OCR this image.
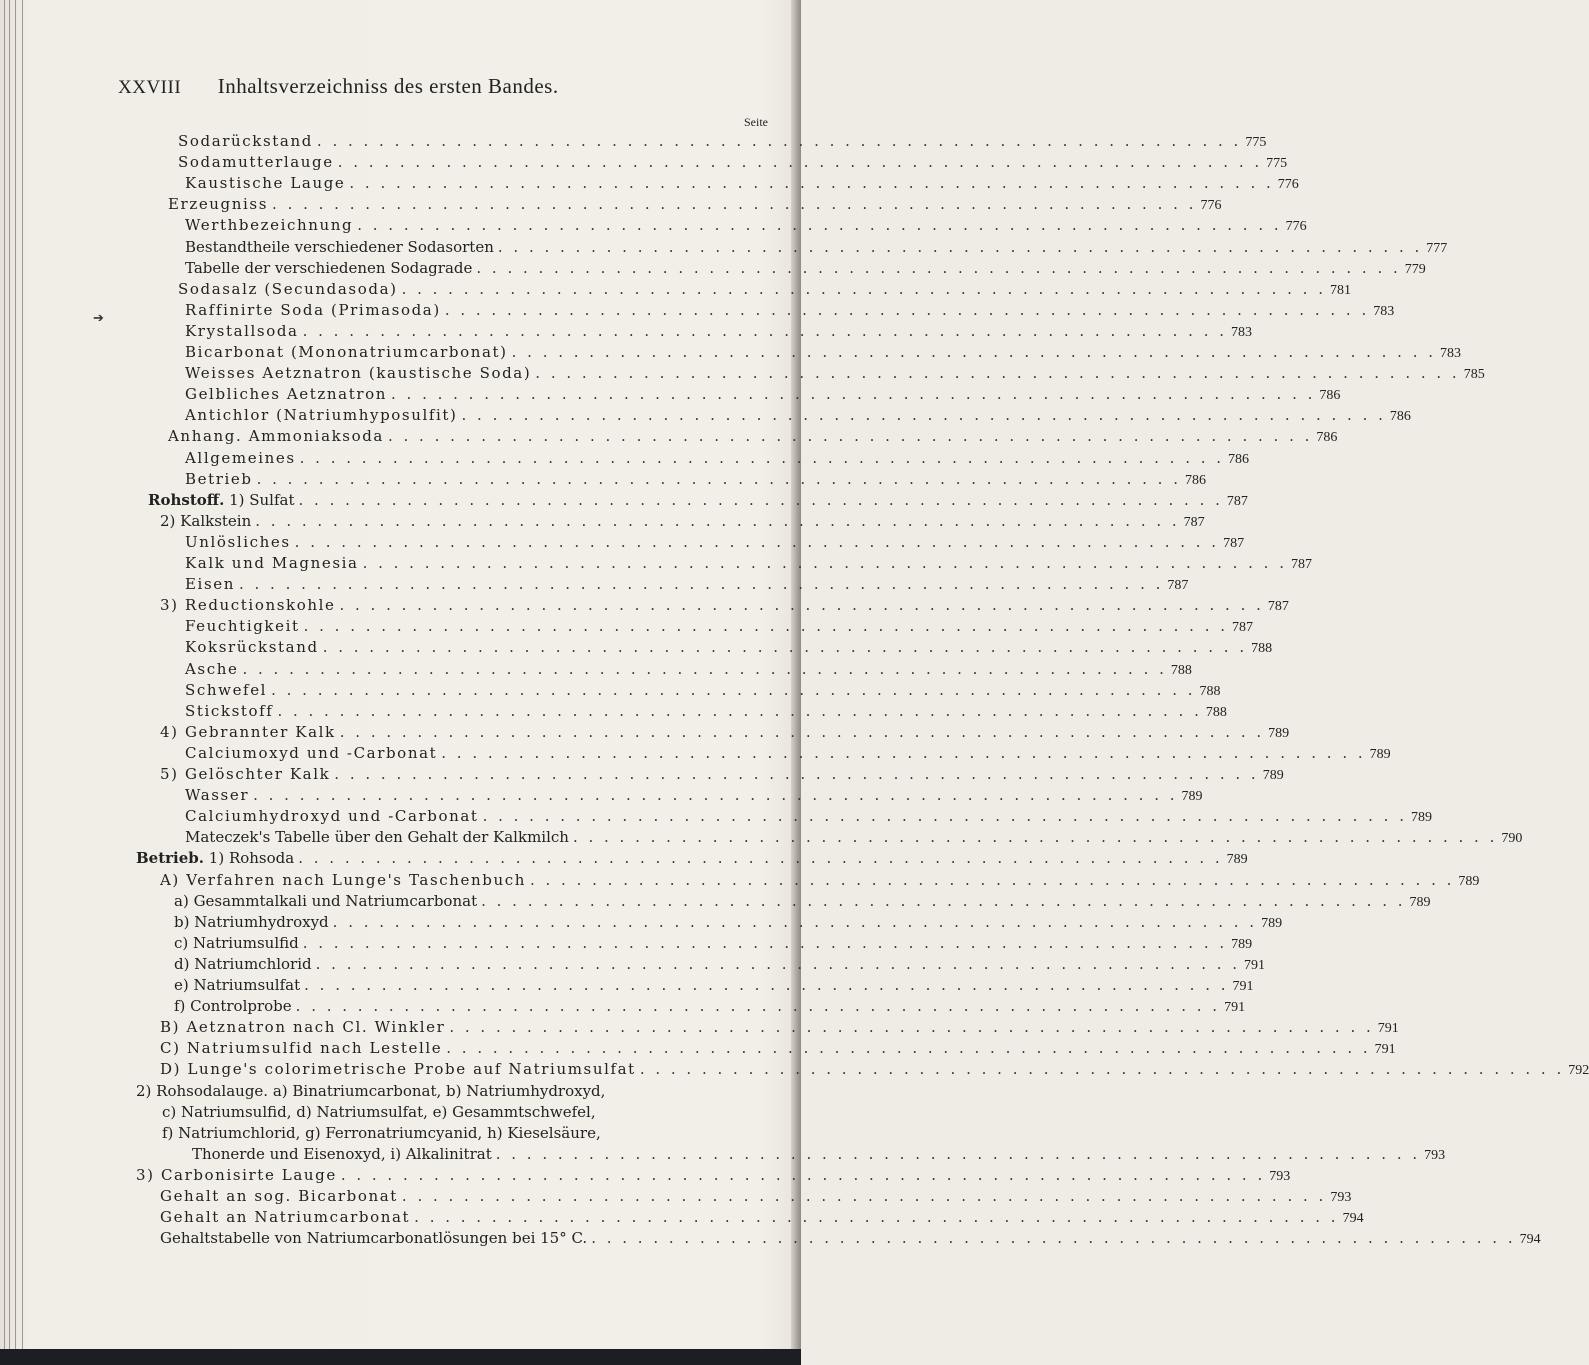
XXVIII Inhaltsverzeichniss des ersten Bandes.
Seite
➔
Sodarückstand . . . . . . . . . . . . . . . . . . . . . . . . . . . . . . . . . . . . . . . . . . . . . . . . . . . . . . . . . . . . 775
Sodamutterlauge . . . . . . . . . . . . . . . . . . . . . . . . . . . . . . . . . . . . . . . . . . . . . . . . . . . . . . . . . . . . 775
Kaustische Lauge . . . . . . . . . . . . . . . . . . . . . . . . . . . . . . . . . . . . . . . . . . . . . . . . . . . . . . . . . . . . 776
Erzeugniss . . . . . . . . . . . . . . . . . . . . . . . . . . . . . . . . . . . . . . . . . . . . . . . . . . . . . . . . . . . . 776
Werthbezeichnung . . . . . . . . . . . . . . . . . . . . . . . . . . . . . . . . . . . . . . . . . . . . . . . . . . . . . . . . . . . . 776
Bestandtheile verschiedener Sodasorten . . . . . . . . . . . . . . . . . . . . . . . . . . . . . . . . . . . . . . . . . . . . . . . . . . . . . . . . . . . . 777
Tabelle der verschiedenen Sodagrade . . . . . . . . . . . . . . . . . . . . . . . . . . . . . . . . . . . . . . . . . . . . . . . . . . . . . . . . . . . . 779
Sodasalz (Secundasoda) . . . . . . . . . . . . . . . . . . . . . . . . . . . . . . . . . . . . . . . . . . . . . . . . . . . . . . . . . . . . 781
Raffinirte Soda (Primasoda) . . . . . . . . . . . . . . . . . . . . . . . . . . . . . . . . . . . . . . . . . . . . . . . . . . . . . . . . . . . . 783
Krystallsoda . . . . . . . . . . . . . . . . . . . . . . . . . . . . . . . . . . . . . . . . . . . . . . . . . . . . . . . . . . . . 783
Bicarbonat (Mononatriumcarbonat) . . . . . . . . . . . . . . . . . . . . . . . . . . . . . . . . . . . . . . . . . . . . . . . . . . . . . . . . . . . . 783
Weisses Aetznatron (kaustische Soda) . . . . . . . . . . . . . . . . . . . . . . . . . . . . . . . . . . . . . . . . . . . . . . . . . . . . . . . . . . . . 785
Gelbliches Aetznatron . . . . . . . . . . . . . . . . . . . . . . . . . . . . . . . . . . . . . . . . . . . . . . . . . . . . . . . . . . . . 786
Antichlor (Natriumhyposulfit) . . . . . . . . . . . . . . . . . . . . . . . . . . . . . . . . . . . . . . . . . . . . . . . . . . . . . . . . . . . . 786
Anhang. Ammoniaksoda . . . . . . . . . . . . . . . . . . . . . . . . . . . . . . . . . . . . . . . . . . . . . . . . . . . . . . . . . . . . 786
Allgemeines . . . . . . . . . . . . . . . . . . . . . . . . . . . . . . . . . . . . . . . . . . . . . . . . . . . . . . . . . . . . 786
Betrieb . . . . . . . . . . . . . . . . . . . . . . . . . . . . . . . . . . . . . . . . . . . . . . . . . . . . . . . . . . . . 786
Rohstoff. 1) Sulfat . . . . . . . . . . . . . . . . . . . . . . . . . . . . . . . . . . . . . . . . . . . . . . . . . . . . . . . . . . . . 787
2) Kalkstein . . . . . . . . . . . . . . . . . . . . . . . . . . . . . . . . . . . . . . . . . . . . . . . . . . . . . . . . . . . . 787
Unlösliches . . . . . . . . . . . . . . . . . . . . . . . . . . . . . . . . . . . . . . . . . . . . . . . . . . . . . . . . . . . . 787
Kalk und Magnesia . . . . . . . . . . . . . . . . . . . . . . . . . . . . . . . . . . . . . . . . . . . . . . . . . . . . . . . . . . . . 787
Eisen . . . . . . . . . . . . . . . . . . . . . . . . . . . . . . . . . . . . . . . . . . . . . . . . . . . . . . . . . . . . 787
3) Reductionskohle . . . . . . . . . . . . . . . . . . . . . . . . . . . . . . . . . . . . . . . . . . . . . . . . . . . . . . . . . . . . 787
Feuchtigkeit . . . . . . . . . . . . . . . . . . . . . . . . . . . . . . . . . . . . . . . . . . . . . . . . . . . . . . . . . . . . 787
Koksrückstand . . . . . . . . . . . . . . . . . . . . . . . . . . . . . . . . . . . . . . . . . . . . . . . . . . . . . . . . . . . . 788
Asche . . . . . . . . . . . . . . . . . . . . . . . . . . . . . . . . . . . . . . . . . . . . . . . . . . . . . . . . . . . . 788
Schwefel . . . . . . . . . . . . . . . . . . . . . . . . . . . . . . . . . . . . . . . . . . . . . . . . . . . . . . . . . . . . 788
Stickstoff . . . . . . . . . . . . . . . . . . . . . . . . . . . . . . . . . . . . . . . . . . . . . . . . . . . . . . . . . . . . 788
4) Gebrannter Kalk . . . . . . . . . . . . . . . . . . . . . . . . . . . . . . . . . . . . . . . . . . . . . . . . . . . . . . . . . . . . 789
Calciumoxyd und -Carbonat . . . . . . . . . . . . . . . . . . . . . . . . . . . . . . . . . . . . . . . . . . . . . . . . . . . . . . . . . . . . 789
5) Gelöschter Kalk . . . . . . . . . . . . . . . . . . . . . . . . . . . . . . . . . . . . . . . . . . . . . . . . . . . . . . . . . . . . 789
Wasser . . . . . . . . . . . . . . . . . . . . . . . . . . . . . . . . . . . . . . . . . . . . . . . . . . . . . . . . . . . . 789
Calciumhydroxyd und -Carbonat . . . . . . . . . . . . . . . . . . . . . . . . . . . . . . . . . . . . . . . . . . . . . . . . . . . . . . . . . . . . 789
Mateczek's Tabelle über den Gehalt der Kalkmilch . . . . . . . . . . . . . . . . . . . . . . . . . . . . . . . . . . . . . . . . . . . . . . . . . . . . . . . . . . . . 790
Betrieb. 1) Rohsoda . . . . . . . . . . . . . . . . . . . . . . . . . . . . . . . . . . . . . . . . . . . . . . . . . . . . . . . . . . . . 789
A) Verfahren nach Lunge's Taschenbuch . . . . . . . . . . . . . . . . . . . . . . . . . . . . . . . . . . . . . . . . . . . . . . . . . . . . . . . . . . . . 789
a) Gesammtalkali und Natriumcarbonat . . . . . . . . . . . . . . . . . . . . . . . . . . . . . . . . . . . . . . . . . . . . . . . . . . . . . . . . . . . . 789
b) Natriumhydroxyd . . . . . . . . . . . . . . . . . . . . . . . . . . . . . . . . . . . . . . . . . . . . . . . . . . . . . . . . . . . . 789
c) Natriumsulfid . . . . . . . . . . . . . . . . . . . . . . . . . . . . . . . . . . . . . . . . . . . . . . . . . . . . . . . . . . . . 789
d) Natriumchlorid . . . . . . . . . . . . . . . . . . . . . . . . . . . . . . . . . . . . . . . . . . . . . . . . . . . . . . . . . . . . 791
e) Natriumsulfat . . . . . . . . . . . . . . . . . . . . . . . . . . . . . . . . . . . . . . . . . . . . . . . . . . . . . . . . . . . . 791
f) Controlprobe . . . . . . . . . . . . . . . . . . . . . . . . . . . . . . . . . . . . . . . . . . . . . . . . . . . . . . . . . . . . 791
B) Aetznatron nach Cl. Winkler . . . . . . . . . . . . . . . . . . . . . . . . . . . . . . . . . . . . . . . . . . . . . . . . . . . . . . . . . . . . 791
C) Natriumsulfid nach Lestelle . . . . . . . . . . . . . . . . . . . . . . . . . . . . . . . . . . . . . . . . . . . . . . . . . . . . . . . . . . . . 791
D) Lunge's colorimetrische Probe auf Natriumsulfat . . . . . . . . . . . . . . . . . . . . . . . . . . . . . . . . . . . . . . . . . . . . . . . . . . . . . . . . . . . . 792
2) Rohsodalauge. a) Binatriumcarbonat, b) Natriumhydroxyd,
c) Natriumsulfid, d) Natriumsulfat, e) Gesammtschwefel,
f) Natriumchlorid, g) Ferronatriumcyanid, h) Kieselsäure,
Thonerde und Eisenoxyd, i) Alkalinitrat . . . . . . . . . . . . . . . . . . . . . . . . . . . . . . . . . . . . . . . . . . . . . . . . . . . . . . . . . . . . 793
3) Carbonisirte Lauge . . . . . . . . . . . . . . . . . . . . . . . . . . . . . . . . . . . . . . . . . . . . . . . . . . . . . . . . . . . . 793
Gehalt an sog. Bicarbonat . . . . . . . . . . . . . . . . . . . . . . . . . . . . . . . . . . . . . . . . . . . . . . . . . . . . . . . . . . . . 793
Gehalt an Natriumcarbonat . . . . . . . . . . . . . . . . . . . . . . . . . . . . . . . . . . . . . . . . . . . . . . . . . . . . . . . . . . . . 794
Gehaltstabelle von Natriumcarbonatlösungen bei 15° C. . . . . . . . . . . . . . . . . . . . . . . . . . . . . . . . . . . . . . . . . . . . . . . . . . . . . . . . . . . . . 794
